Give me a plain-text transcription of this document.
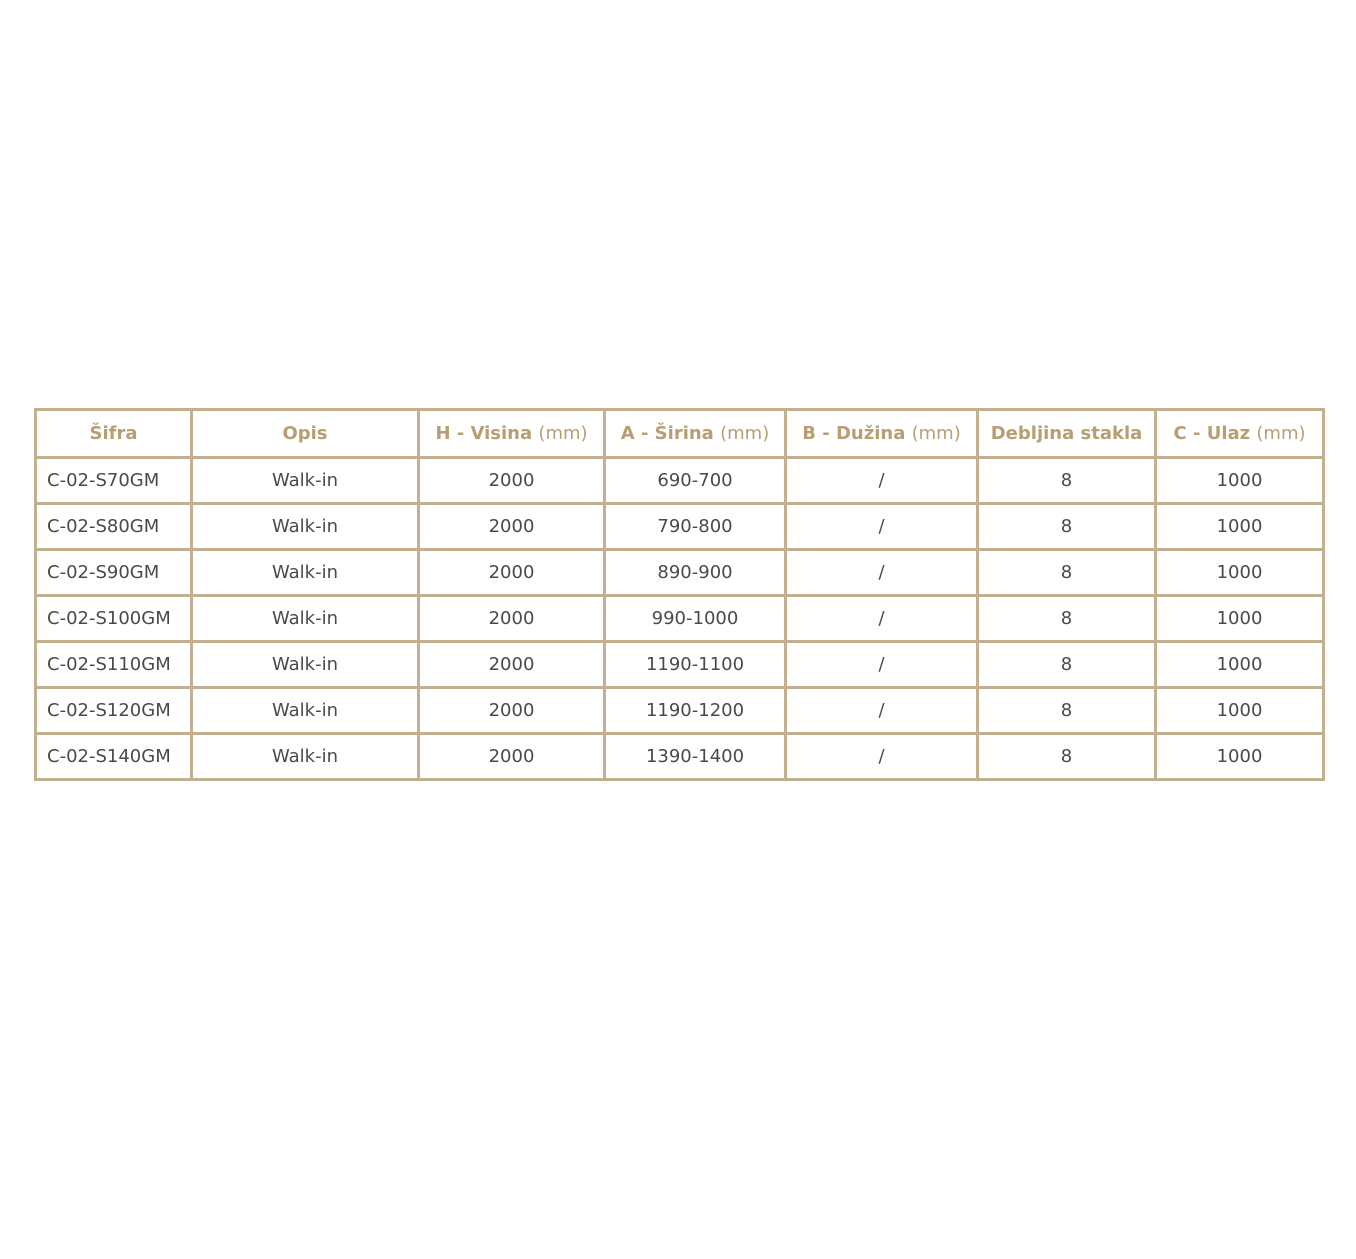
Šifra	Opis	H - Visina (mm)	A - Širina (mm)	B - Dužina (mm)	Debljina stakla	C - Ulaz (mm)
C-02-S70GM	Walk-in	2000	690-700	/	8	1000
C-02-S80GM	Walk-in	2000	790-800	/	8	1000
C-02-S90GM	Walk-in	2000	890-900	/	8	1000
C-02-S100GM	Walk-in	2000	990-1000	/	8	1000
C-02-S110GM	Walk-in	2000	1190-1100	/	8	1000
C-02-S120GM	Walk-in	2000	1190-1200	/	8	1000
C-02-S140GM	Walk-in	2000	1390-1400	/	8	1000
